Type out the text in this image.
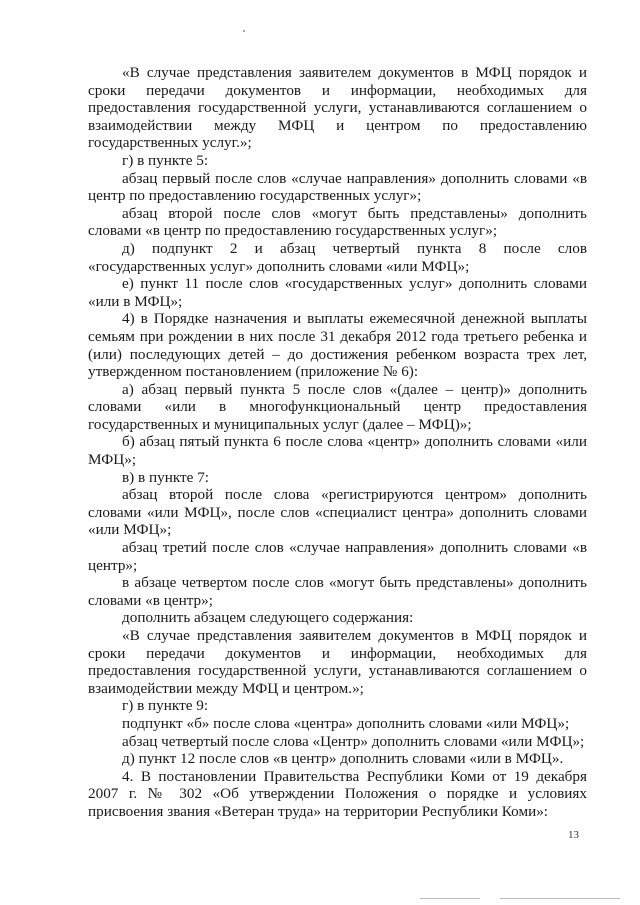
«В случае представления заявителем документов в МФЦ порядок и сроки передачи документов и информации, необходимых для предоставления государственной услуги, устанавливаются соглашением о взаимодействии между МФЦ и центром по предоставлению государственных услуг.»;

г) в пункте 5:

абзац первый после слов «случае направления» дополнить словами «в центр по предоставлению государственных услуг»;

абзац второй после слов «могут быть представлены» дополнить словами «в центр по предоставлению государственных услуг»;

д) подпункт 2 и абзац четвертый пункта 8 после слов «государственных услуг» дополнить словами «или МФЦ»;

е) пункт 11 после слов «государственных услуг» дополнить словами «или в МФЦ»;

4) в Порядке назначения и выплаты ежемесячной денежной выплаты семьям при рождении в них после 31 декабря 2012 года третьего ребенка и (или) последующих детей – до достижения ребенком возраста трех лет, утвержденном постановлением (приложение № 6):

а) абзац первый пункта 5 после слов «(далее – центр)» дополнить словами «или в многофункциональный центр предоставления государственных и муниципальных услуг (далее – МФЦ)»;

б) абзац пятый пункта 6 после слова «центр» дополнить словами «или МФЦ»;

в) в пункте 7:

абзац второй после слова «регистрируются центром» дополнить словами «или МФЦ», после слов «специалист центра» дополнить словами «или МФЦ»;

абзац третий после слов «случае направления» дополнить словами «в центр»;

в абзаце четвертом после слов «могут быть представлены» дополнить словами «в центр»;

дополнить абзацем следующего содержания:

«В случае представления заявителем документов в МФЦ порядок и сроки передачи документов и информации, необходимых для предоставления государственной услуги, устанавливаются соглашением о взаимодействии между МФЦ и центром.»;

г) в пункте 9:

подпункт «б» после слова «центра» дополнить словами «или МФЦ»;

абзац четвертый после слова «Центр» дополнить словами «или МФЦ»;

д) пункт 12 после слов «в центр» дополнить словами «или в МФЦ».

4. В постановлении Правительства Республики Коми от 19 декабря 2007 г. № 302 «Об утверждении Положения о порядке и условиях присвоения звания «Ветеран труда» на территории Республики Коми»:

13
